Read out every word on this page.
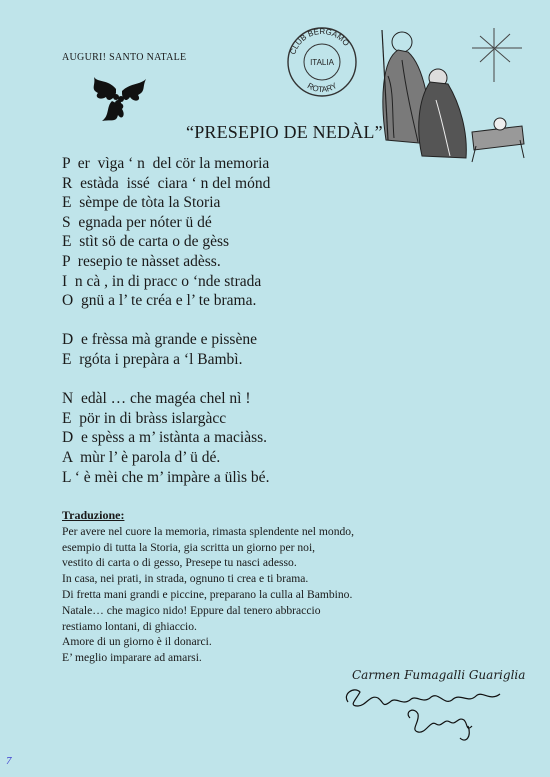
AUGURI! SANTO NATALE
CLUB BERGAMO
ROTARY
ITALIA
“PRESEPIO DE NEDÀL”
P  er  vìga ‘ n  del cör la memoria
R  estàda  issé  ciara ‘ n del mónd
E  sèmpe de tòta la Storia
S  egnada per nóter ü dé
E  stìt sö de carta o de gèss
P  resepio te nàsset adèss.
I  n cà , in di pracc o ‘nde strada
O  gnü a l’ te créa e l’ te brama.
D  e frèssa mà grande e pissène
E  rgóta i prepàra a ‘l Bambì.
N  edàl … che magéa chel nì !
E  pör in di bràss islargàcc
D  e spèss a m’ istànta a maciàss.
A  mùr l’ è parola d’ ü dé.
L ‘ è mèi che m’ impàre a ülìs bé.
Traduzione:
Per avere nel cuore la memoria, rimasta splendente nel mondo,
esempio di tutta la Storia, gia scritta un giorno per noi,
vestito di carta o di gesso, Presepe tu nasci adesso.
In casa, nei prati, in strada, ognuno ti crea e ti brama.
Di fretta mani grandi e piccine, preparano la culla al Bambino.
Natale… che magico nido! Eppure dal tenero abbraccio
restiamo lontani, di ghiaccio.
Amore di un giorno è il donarci.
E’ meglio imparare ad amarsi.
Carmen Fumagalli Guariglia
7
